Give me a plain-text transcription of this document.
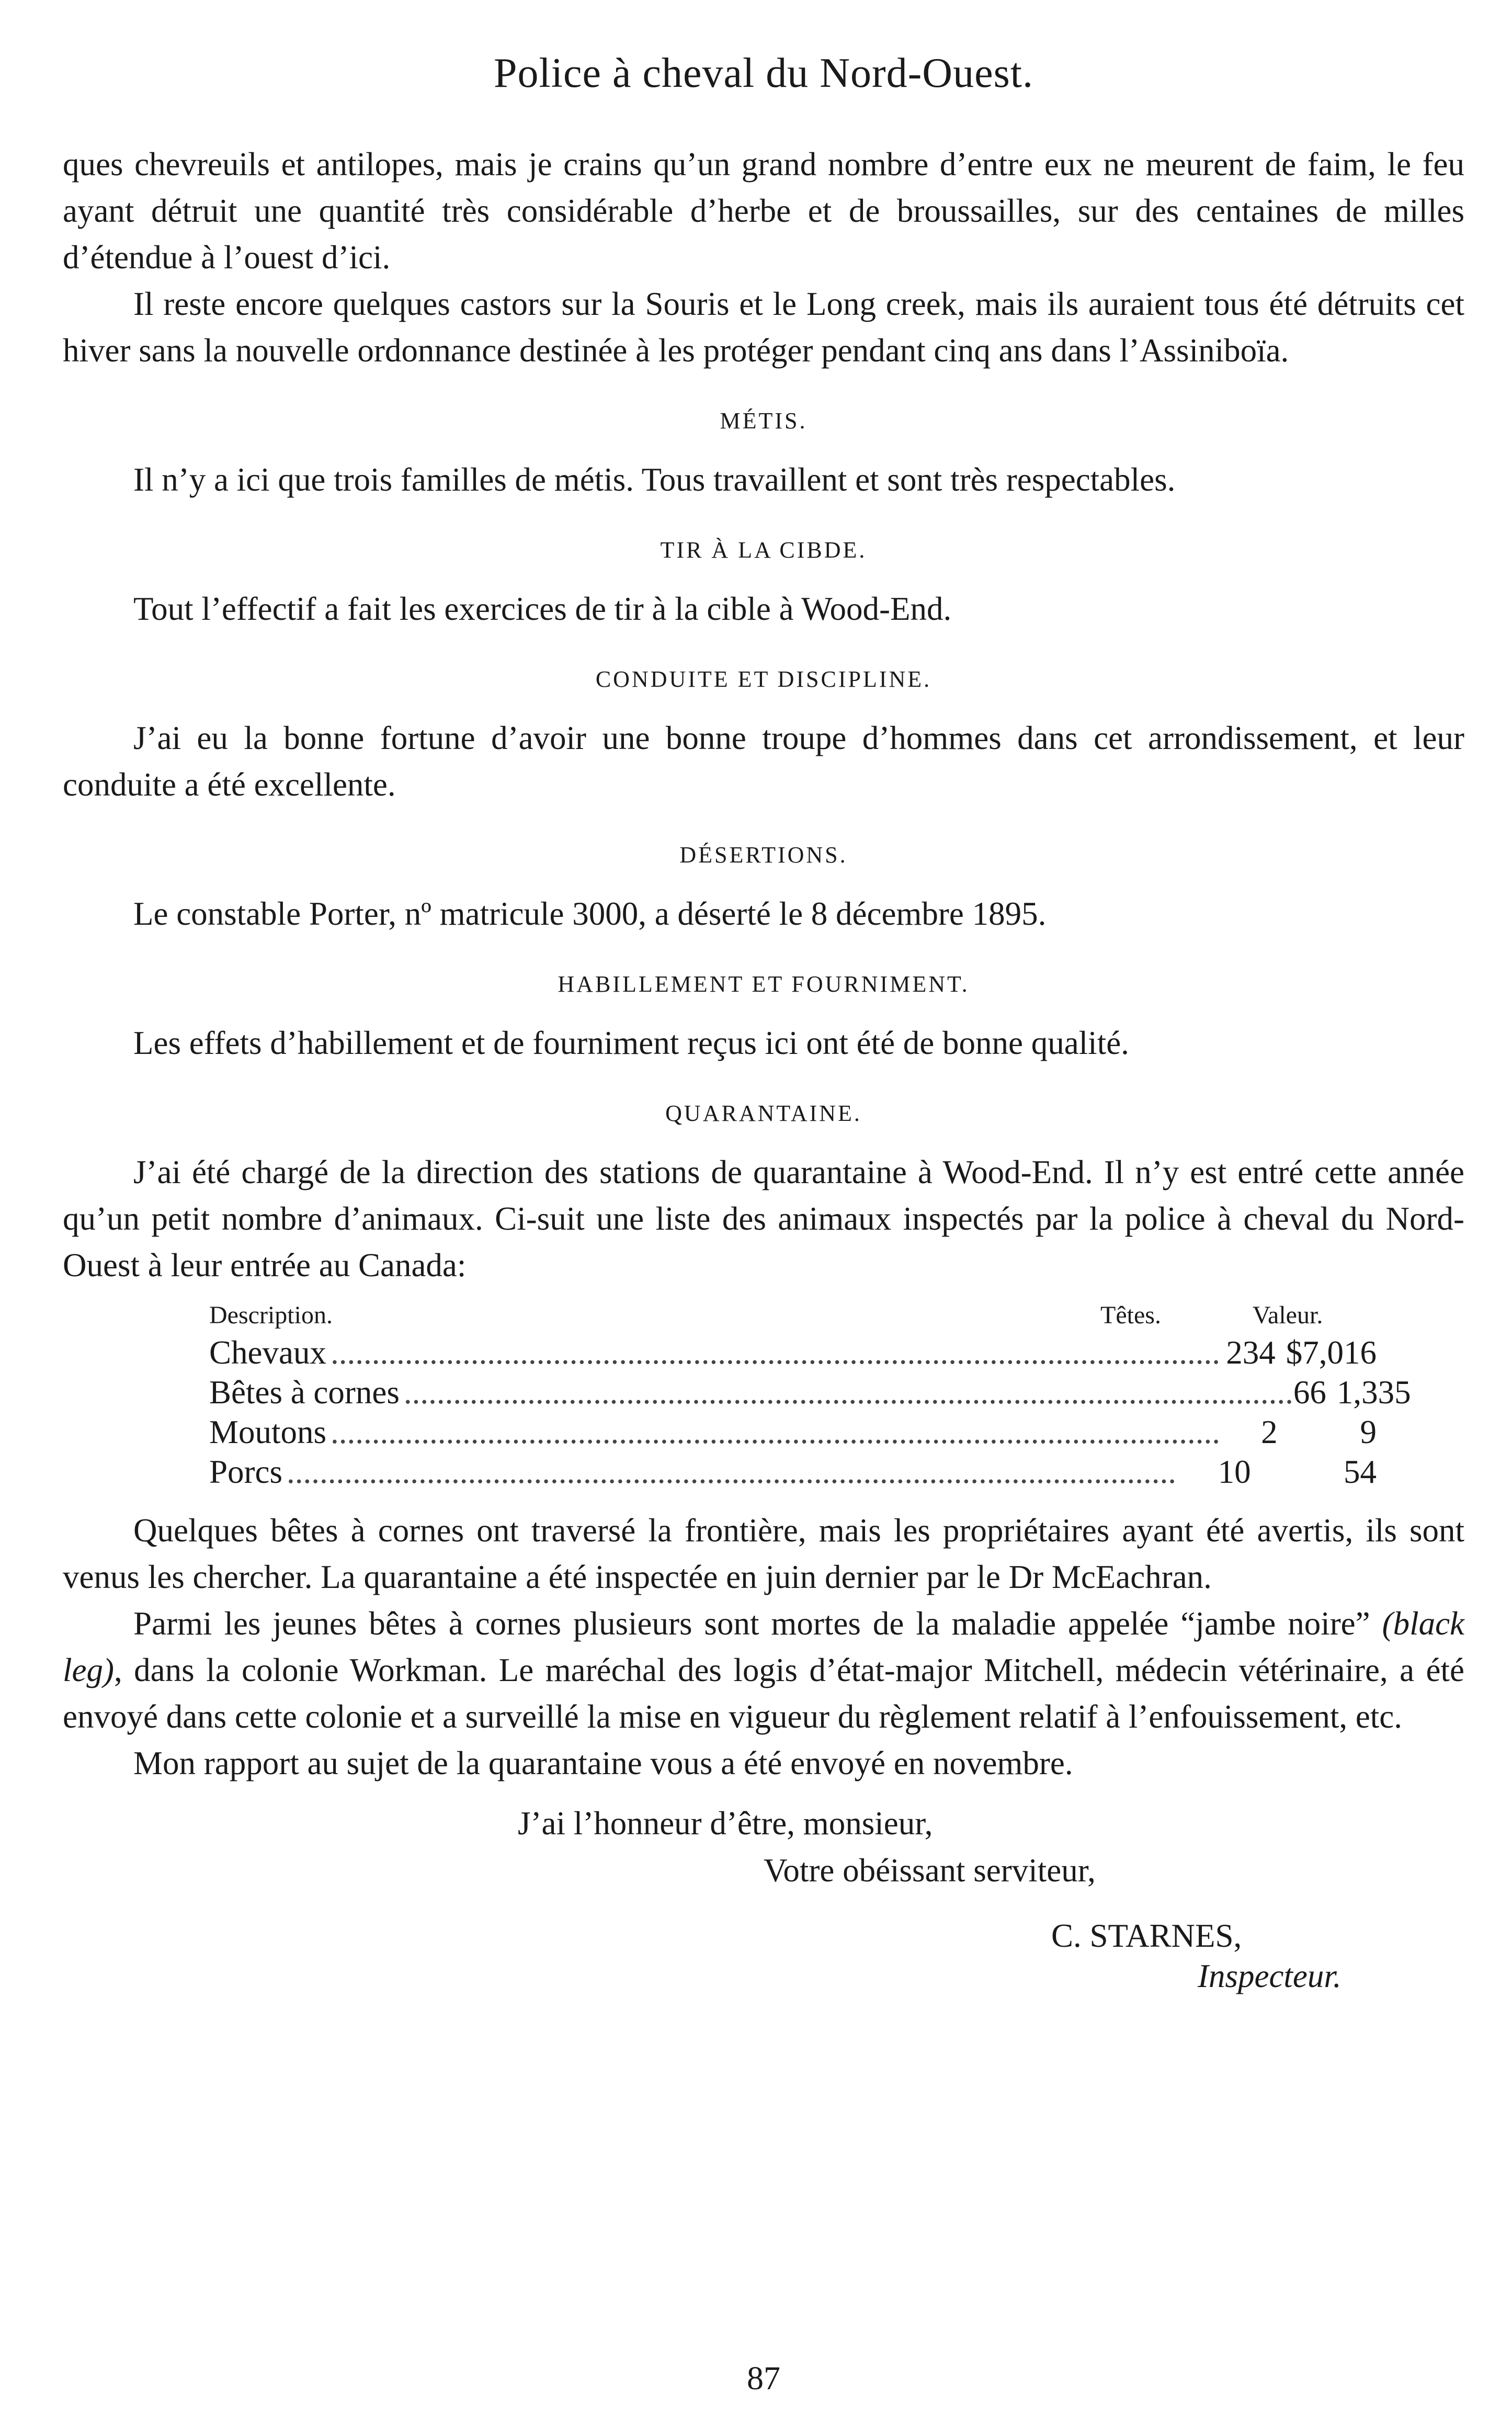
Police à cheval du Nord-Ouest.

ques chevreuils et antilopes, mais je crains qu’un grand nombre d’entre eux ne meurent de faim, le feu ayant détruit une quantité très considérable d’herbe et de broussailles, sur des centaines de milles d’étendue à l’ouest d’ici.

Il reste encore quelques castors sur la Souris et le Long creek, mais ils auraient tous été détruits cet hiver sans la nouvelle ordonnance destinée à les protéger pendant cinq ans dans l’Assiniboïa.

MÉTIS.

Il n’y a ici que trois familles de métis. Tous travaillent et sont très respectables.

TIR À LA CIBDE.

Tout l’effectif a fait les exercices de tir à la cible à Wood-End.

CONDUITE ET DISCIPLINE.

J’ai eu la bonne fortune d’avoir une bonne troupe d’hommes dans cet arrondissement, et leur conduite a été excellente.

DÉSERTIONS.

Le constable Porter, nº matricule 3000, a déserté le 8 décembre 1895.

HABILLEMENT ET FOURNIMENT.

Les effets d’habillement et de fourniment reçus ici ont été de bonne qualité.

QUARANTAINE.

J’ai été chargé de la direction des stations de quarantaine à Wood-End. Il n’y est entré cette année qu’un petit nombre d’animaux. Ci-suit une liste des animaux inspectés par la police à cheval du Nord-Ouest à leur entrée au Canada:

Description.	Têtes.	Valeur.
Chevaux ............................................................................................................ 234 $7,016
Bêtes à cornes ............................................................................................................ 66 1,335
Moutons ............................................................................................................	2	9
Porcs ............................................................................................................	10	54

Quelques bêtes à cornes ont traversé la frontière, mais les propriétaires ayant été avertis, ils sont venus les chercher. La quarantaine a été inspectée en juin dernier par le Dr McEachran.

Parmi les jeunes bêtes à cornes plusieurs sont mortes de la maladie appelée “jambe noire” (black leg), dans la colonie Workman. Le maréchal des logis d’état-major Mitchell, médecin vétérinaire, a été envoyé dans cette colonie et a surveillé la mise en vigueur du règlement relatif à l’enfouissement, etc.

Mon rapport au sujet de la quarantaine vous a été envoyé en novembre.

J’ai l’honneur d’être, monsieur,
Votre obéissant serviteur,
C. STARNES,
Inspecteur.
87
